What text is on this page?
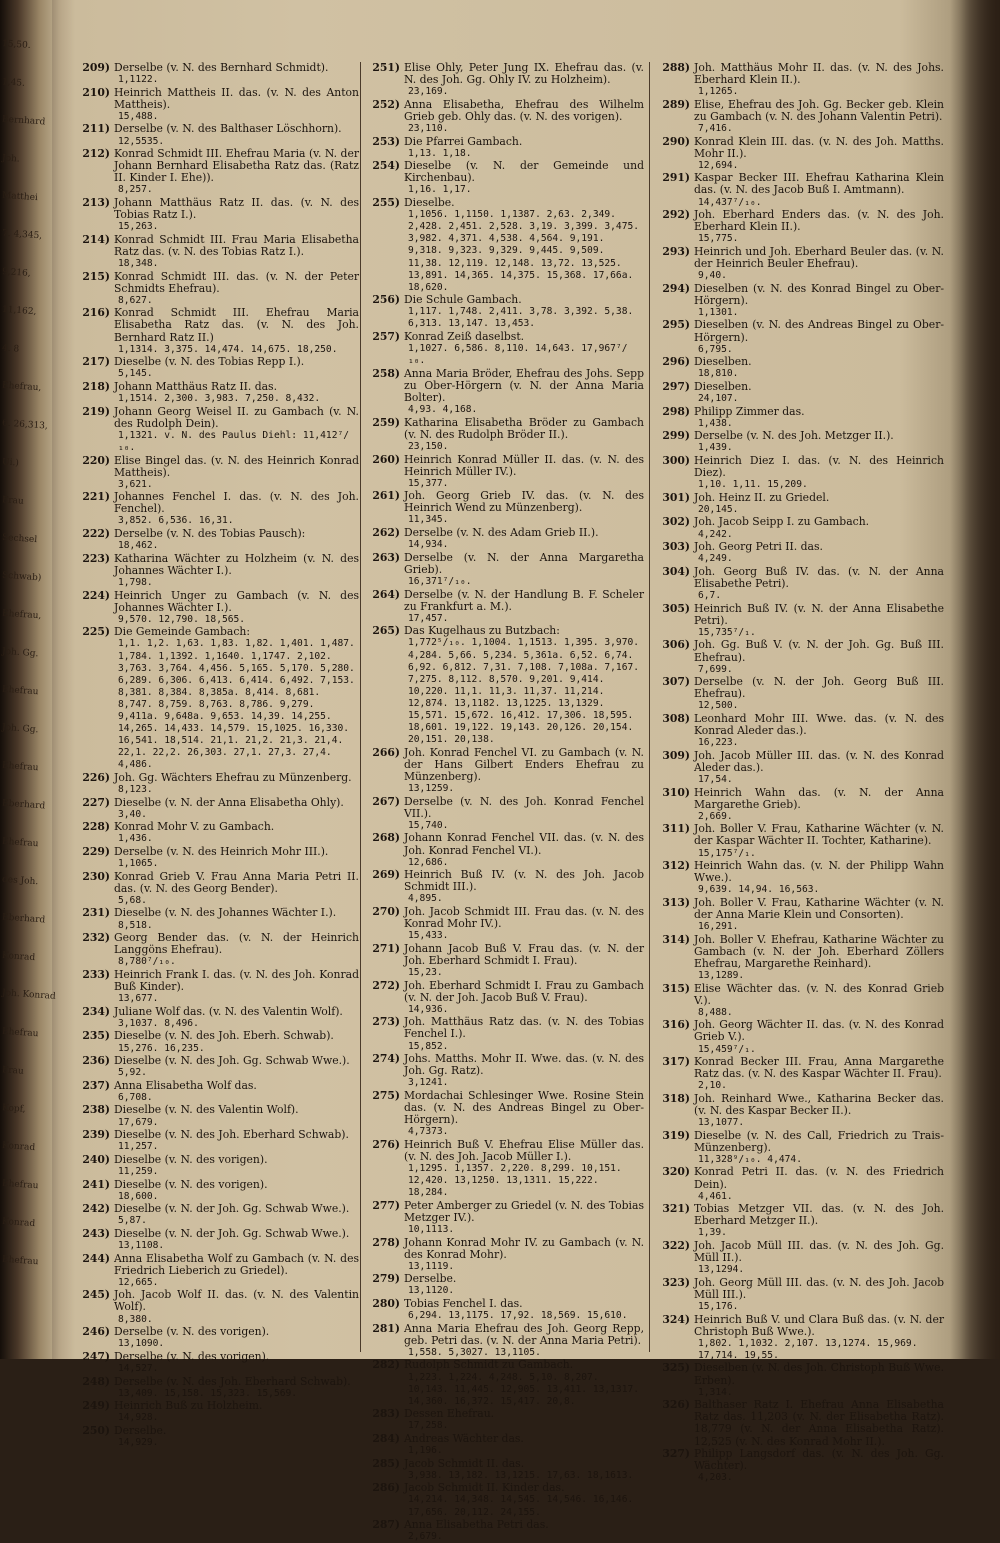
15,50.
1,45.
Bernhard
Joh.
Matthei
7. 4,345,
9,216,
11,162,
4. 8
Ehefrau,
6. 26,313,
Ui.)
Frau
Sechsel
Schwab)
Ehefrau,
Joh. Gg.
Ehefrau
Joh. Gg.
Ehefrau
Eberhard
Ehefrau
des Joh.
Eberhard
Konrad
Joh. Konrad
Ehefrau
Frau
Kopf,
Konrad
Ehefrau
Konrad
Ehefrau
209) Derselbe (v. N. des Bernhard Schmidt).
1,1122.
210) Heinrich Mattheis II. das. (v. N. des Anton Mattheis).
15,488.
211) Derselbe (v. N. des Balthaser Löschhorn).
12,5535.
212) Konrad Schmidt III. Ehefrau Maria (v. N. der Johann Bernhard Elisabetha Ratz das. (Ratz II. Kinder I. Ehe)).
8,257.
213) Johann Matthäus Ratz II. das. (v. N. des Tobias Ratz I.).
15,263.
214) Konrad Schmidt III. Frau Maria Elisabetha Ratz das. (v. N. des Tobias Ratz I.).
18,348.
215) Konrad Schmidt III. das. (v. N. der Peter Schmidts Ehefrau).
8,627.
216) Konrad Schmidt III. Ehefrau Maria Elisabetha Ratz das. (v. N. des Joh. Bernhard Ratz II.)
1,1314. 3,375. 14,474. 14,675. 18,250.
217) Dieselbe (v. N. des Tobias Repp I.).
5,145.
218) Johann Matthäus Ratz II. das.
1,1514. 2,300. 3,983. 7,250. 8,432.
219) Johann Georg Weisel II. zu Gambach (v. N. des Rudolph Dein).
1,1321. v. N. des Paulus Diehl: 11,412⁷/₁₀.
220) Elise Bingel das. (v. N. des Heinrich Konrad Mattheis).
3,621.
221) Johannes Fenchel I. das. (v. N. des Joh. Fenchel).
3,852. 6,536. 16,31.
222) Derselbe (v. N. des Tobias Pausch):
18,462.
223) Katharina Wächter zu Holzheim (v. N. des Johannes Wächter I.).
1,798.
224) Heinrich Unger zu Gambach (v. N. des Johannes Wächter I.).
9,570. 12,790. 18,565.
225) Die Gemeinde Gambach:
1,1. 1,2. 1,63. 1,83. 1,82. 1,401. 1,487. 1,784. 1,1392. 1,1640. 1,1747. 2,102. 3,763. 3,764. 4,456. 5,165. 5,170. 5,280. 6,289. 6,306. 6,413. 6,414. 6,492. 7,153. 8,381. 8,384. 8,385a. 8,414. 8,681. 8,747. 8,759. 8,763. 8,786. 9,279. 9,411a. 9,648a. 9,653. 14,39. 14,255. 14,265. 14,433. 14,579. 15,1025. 16,330. 16,541. 18,514. 21,1. 21,2. 21,3. 21,4. 22,1. 22,2. 26,303. 27,1. 27,3. 27,4. 4,486.
226) Joh. Gg. Wächters Ehefrau zu Münzenberg.
8,123.
227) Dieselbe (v. N. der Anna Elisabetha Ohly).
3,40.
228) Konrad Mohr V. zu Gambach.
1,436.
229) Derselbe (v. N. des Heinrich Mohr III.).
1,1065.
230) Konrad Grieb V. Frau Anna Maria Petri II. das. (v. N. des Georg Bender).
5,68.
231) Dieselbe (v. N. des Johannes Wächter I.).
8,518.
232) Georg Bender das. (v. N. der Heinrich Langgöns Ehefrau).
8,780⁷/₁₀.
233) Heinrich Frank I. das. (v. N. des Joh. Konrad Buß Kinder).
13,677.
234) Juliane Wolf das. (v. N. des Valentin Wolf).
3,1037. 8,496.
235) Dieselbe (v. N. des Joh. Eberh. Schwab).
15,276. 16,235.
236) Dieselbe (v. N. des Joh. Gg. Schwab Wwe.).
5,92.
237) Anna Elisabetha Wolf das.
6,708.
238) Dieselbe (v. N. des Valentin Wolf).
17,679.
239) Dieselbe (v. N. des Joh. Eberhard Schwab).
11,257.
240) Dieselbe (v. N. des vorigen).
11,259.
241) Dieselbe (v. N. des vorigen).
18,600.
242) Dieselbe (v. N. der Joh. Gg. Schwab Wwe.).
5,87.
243) Dieselbe (v. N. der Joh. Gg. Schwab Wwe.).
13,1108.
244) Anna Elisabetha Wolf zu Gambach (v. N. des Friedrich Lieberich zu Griedel).
12,665.
245) Joh. Jacob Wolf II. das. (v. N. des Valentin Wolf).
8,380.
246) Derselbe (v. N. des vorigen).
13,1090.
247) Derselbe (v. N. des vorigen).
14,527.
248) Derselbe (v. N. des Joh. Eberhard Schwab).
13,409. 15,158. 15,323. 15,569.
249) Heinrich Buß zu Holzheim.
14,928.
250) Derselbe.
14,929.
251) Elise Ohly, Peter Jung IX. Ehefrau das. (v. N. des Joh. Gg. Ohly IV. zu Holzheim).
23,169.
252) Anna Elisabetha, Ehefrau des Wilhelm Grieb geb. Ohly das. (v. N. des vorigen).
23,110.
253) Die Pfarrei Gambach.
1,13. 1,18.
254) Dieselbe (v. N. der Gemeinde und Kirchenbau).
1,16. 1,17.
255) Dieselbe.
1,1056. 1,1150. 1,1387. 2,63. 2,349. 2,428. 2,451. 2,528. 3,19. 3,399. 3,475. 3,982. 4,371. 4,538. 4,564. 9,191. 9,318. 9,323. 9,329. 9,445. 9,509. 11,38. 12,119. 12,148. 13,72. 13,525. 13,891. 14,365. 14,375. 15,368. 17,66a. 18,620.
256) Die Schule Gambach.
1,117. 1,748. 2,411. 3,78. 3,392. 5,38. 6,313. 13,147. 13,453.
257) Konrad Zeiß daselbst.
1,1027. 6,586. 8,110. 14,643. 17,967⁷/₁₀.
258) Anna Maria Bröder, Ehefrau des Johs. Sepp zu Ober-Hörgern (v. N. der Anna Maria Bolter).
4,93. 4,168.
259) Katharina Elisabetha Bröder zu Gambach (v. N. des Rudolph Bröder II.).
23,150.
260) Heinrich Konrad Müller II. das. (v. N. des Heinrich Müller IV.).
15,377.
261) Joh. Georg Grieb IV. das. (v. N. des Heinrich Wend zu Münzenberg).
11,345.
262) Derselbe (v. N. des Adam Grieb II.).
14,934.
263) Derselbe (v. N. der Anna Margaretha Grieb).
16,371⁷/₁₀.
264) Derselbe (v. N. der Handlung B. F. Scheler zu Frankfurt a. M.).
17,457.
265) Das Kugelhaus zu Butzbach:
1,772⁵/₁₀. 1,1004. 1,1513. 1,395. 3,970. 4,284. 5,66. 5,234. 5,361a. 6,52. 6,74. 6,92. 6,812. 7,31. 7,108. 7,108a. 7,167. 7,275. 8,112. 8,570. 9,201. 9,414. 10,220. 11,1. 11,3. 11,37. 11,214. 12,874. 13,1182. 13,1225. 13,1329. 15,571. 15,672. 16,412. 17,306. 18,595. 18,601. 19,122. 19,143. 20,126. 20,154. 20,151. 20,138.
266) Joh. Konrad Fenchel VI. zu Gambach (v. N. der Hans Gilbert Enders Ehefrau zu Münzenberg).
13,1259.
267) Derselbe (v. N. des Joh. Konrad Fenchel VII.).
15,740.
268) Johann Konrad Fenchel VII. das. (v. N. des Joh. Konrad Fenchel VI.).
12,686.
269) Heinrich Buß IV. (v. N. des Joh. Jacob Schmidt III.).
4,895.
270) Joh. Jacob Schmidt III. Frau das. (v. N. des Konrad Mohr IV.).
15,433.
271) Johann Jacob Buß V. Frau das. (v. N. der Joh. Eberhard Schmidt I. Frau).
15,23.
272) Joh. Eberhard Schmidt I. Frau zu Gambach (v. N. der Joh. Jacob Buß V. Frau).
14,936.
273) Joh. Matthäus Ratz das. (v. N. des Tobias Fenchel I.).
15,852.
274) Johs. Matths. Mohr II. Wwe. das. (v. N. des Joh. Gg. Ratz).
3,1241.
275) Mordachai Schlesinger Wwe. Rosine Stein das. (v. N. des Andreas Bingel zu Ober-Hörgern).
4,7373.
276) Heinrich Buß V. Ehefrau Elise Müller das. (v. N. des Joh. Jacob Müller I.).
1,1295. 1,1357. 2,220. 8,299. 10,151. 12,420. 13,1250. 13,1311. 15,222. 18,284.
277) Peter Amberger zu Griedel (v. N. des Tobias Metzger IV.).
10,1113.
278) Johann Konrad Mohr IV. zu Gambach (v. N. des Konrad Mohr).
13,1119.
279) Derselbe.
13,1120.
280) Tobias Fenchel I. das.
6,294. 13,1175. 17,92. 18,569. 15,610.
281) Anna Maria Ehefrau des Joh. Georg Repp, geb. Petri das. (v. N. der Anna Maria Petri).
1,558. 5,3027. 13,1105.
282) Rudolph Schmidt zu Gambach.
1,223. 1,224. 4,248. 5,10. 8,207. 10,143. 11,445. 12,905. 13,411. 13,1317. 14,360. 16,372. 15,417. 20,8.
283) Dessen Ehefrau.
17,258.
284) Andreas Wächter das.
1,196.
285) Jacob Schmidt II. das.
3,938. 13,182. 13,1215. 17,63. 18,1613.
286) Jacob Schmidt II. Kinder das.
14,214. 14,348. 14,545. 14,546. 16,146. 17,656. 20,112. 24,155.
287) Anna Elisabetha Petri das.
2,679.
288) Joh. Matthäus Mohr II. das. (v. N. des Johs. Eberhard Klein II.).
1,1265.
289) Elise, Ehefrau des Joh. Gg. Becker geb. Klein zu Gambach (v. N. des Johann Valentin Petri).
7,416.
290) Konrad Klein III. das. (v. N. des Joh. Matths. Mohr II.).
12,694.
291) Kaspar Becker III. Ehefrau Katharina Klein das. (v. N. des Jacob Buß I. Amtmann).
14,437⁷/₁₀.
292) Joh. Eberhard Enders das. (v. N. des Joh. Eberhard Klein II.).
15,775.
293) Heinrich und Joh. Eberhard Beuler das. (v. N. der Heinrich Beuler Ehefrau).
9,40.
294) Dieselben (v. N. des Konrad Bingel zu Ober-Hörgern).
1,1301.
295) Dieselben (v. N. des Andreas Bingel zu Ober-Hörgern).
6,795.
296) Dieselben.
18,810.
297) Dieselben.
24,107.
298) Philipp Zimmer das.
1,438.
299) Derselbe (v. N. des Joh. Metzger II.).
1,439.
300) Heinrich Diez I. das. (v. N. des Heinrich Diez).
1,10. 1,11. 15,209.
301) Joh. Heinz II. zu Griedel.
20,145.
302) Joh. Jacob Seipp I. zu Gambach.
4,242.
303) Joh. Georg Petri II. das.
4,249.
304) Joh. Georg Buß IV. das. (v. N. der Anna Elisabethe Petri).
6,7.
305) Heinrich Buß IV. (v. N. der Anna Elisabethe Petri).
15,735⁷/₁.
306) Joh. Gg. Buß V. (v. N. der Joh. Gg. Buß III. Ehefrau).
7,699.
307) Derselbe (v. N. der Joh. Georg Buß III. Ehefrau).
12,500.
308) Leonhard Mohr III. Wwe. das. (v. N. des Konrad Aleder das.).
16,223.
309) Joh. Jacob Müller III. das. (v. N. des Konrad Aleder das.).
17,54.
310) Heinrich Wahn das. (v. N. der Anna Margarethe Grieb).
2,669.
311) Joh. Boller V. Frau, Katharine Wächter (v. N. der Kaspar Wächter II. Tochter, Katharine).
15,175⁷/₁.
312) Heinrich Wahn das. (v. N. der Philipp Wahn Wwe.).
9,639. 14,94. 16,563.
313) Joh. Boller V. Frau, Katharine Wächter (v. N. der Anna Marie Klein und Consorten).
16,291.
314) Joh. Boller V. Ehefrau, Katharine Wächter zu Gambach (v. N. der Joh. Eberhard Zöllers Ehefrau, Margarethe Reinhard).
13,1289.
315) Elise Wächter das. (v. N. des Konrad Grieb V.).
8,488.
316) Joh. Georg Wächter II. das. (v. N. des Konrad Grieb V.).
15,459⁷/₁.
317) Konrad Becker III. Frau, Anna Margarethe Ratz das. (v. N. des Kaspar Wächter II. Frau).
2,10.
318) Joh. Reinhard Wwe., Katharina Becker das. (v. N. des Kaspar Becker II.).
13,1077.
319) Dieselbe (v. N. des Call, Friedrich zu Trais-Münzenberg).
11,328⁹/₁₀. 4,474.
320) Konrad Petri II. das. (v. N. des Friedrich Dein).
4,461.
321) Tobias Metzger VII. das. (v. N. des Joh. Eberhard Metzger II.).
1,39.
322) Joh. Jacob Müll III. das. (v. N. des Joh. Gg. Müll II.).
13,1294.
323) Joh. Georg Müll III. das. (v. N. des Joh. Jacob Müll III.).
15,176.
324) Heinrich Buß V. und Clara Buß das. (v. N. der Christoph Buß Wwe.).
1,802. 1,1032. 2,107. 13,1274. 15,969. 17,714. 19,55.
325) Dieselben (v. N. des Joh. Christoph Buß Wwe. Erben).
1,314.
326) Balthaser Ratz I. Ehefrau Anna Elisabetha Ratz das. 11,203 (v. N. der Elisabetha Ratz). 18,779 (v. N. der Anna Elisabetha Ratz). 12,525 (v. N. des Konrad Mohr II.).
327) Philipp Langsdorf das. (v. N. des Joh. Gg. Wächter).
4,203.
